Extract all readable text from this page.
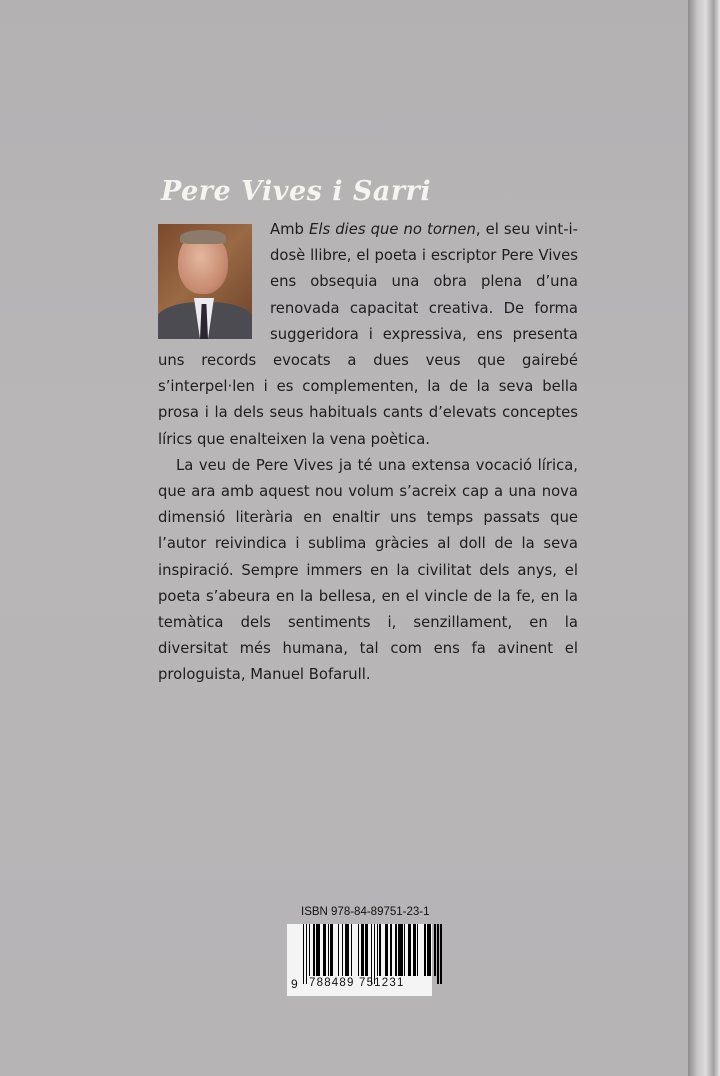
Pere Vives i Sarri

Amb Els dies que no tornen, el seu vint-i-dosè llibre, el poeta i escriptor Pere Vives ens obsequia una obra plena d’una renovada capacitat creativa. De forma suggeridora i expressiva, ens presenta uns records evocats a dues veus que gairebé s’interpel·len i es complementen, la de la seva bella prosa i la dels seus habituals cants d’elevats conceptes lírics que enalteixen la vena poètica.

La veu de Pere Vives ja té una extensa vocació lírica, que ara amb aquest nou volum s’acreix cap a una nova dimensió literària en enaltir uns temps passats que l’autor reivindica i sublima gràcies al doll de la seva inspiració. Sempre immers en la civilitat dels anys, el poeta s’abeura en la bellesa, en el vincle de la fe, en la temàtica dels sentiments i, senzillament, en la diversitat més humana, tal com ens fa avinent el prologuista, Manuel Bofarull.

ISBN 978-84-89751-23-1
9 788489 751231
